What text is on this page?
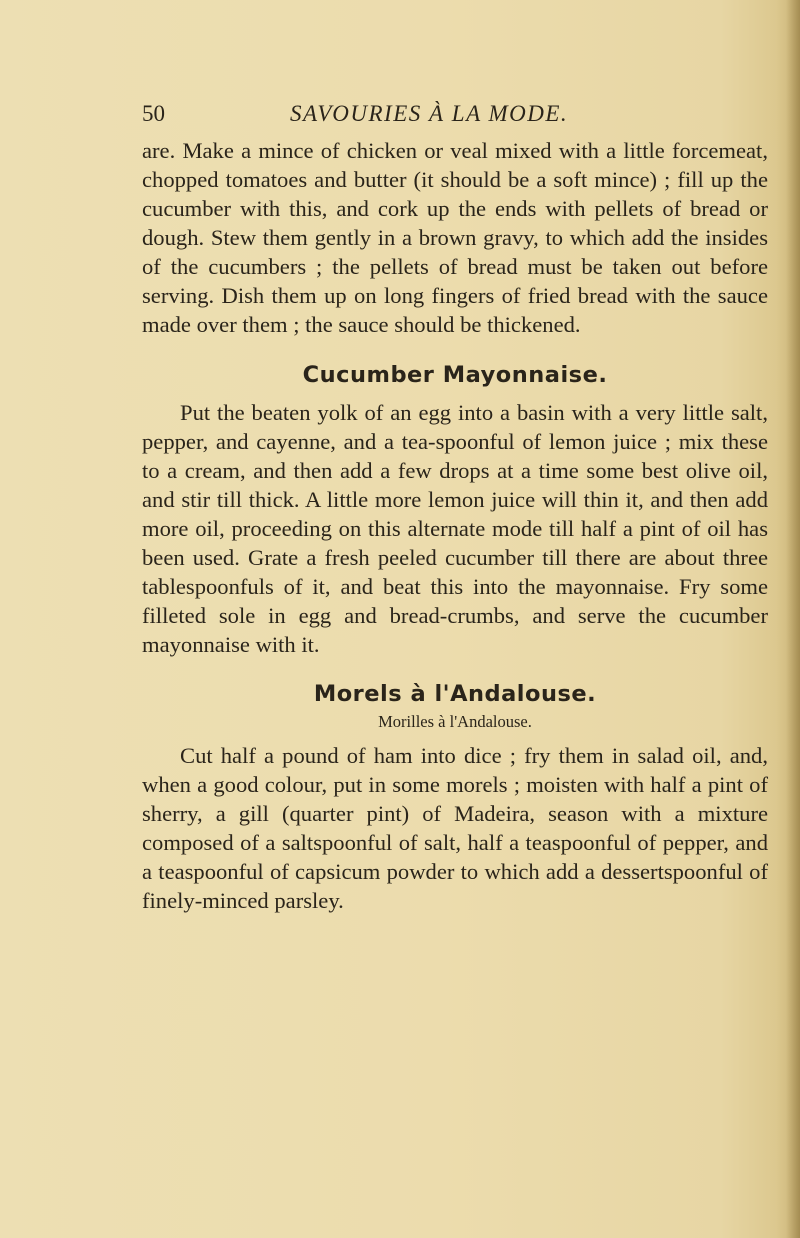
50	SAVOURIES À LA MODE.

are. Make a mince of chicken or veal mixed with a little forcemeat, chopped tomatoes and butter (it should be a soft mince) ; fill up the cucumber with this, and cork up the ends with pellets of bread or dough. Stew them gently in a brown gravy, to which add the insides of the cucumbers ; the pellets of bread must be taken out before serving. Dish them up on long fingers of fried bread with the sauce made over them ; the sauce should be thickened.

Cucumber Mayonnaise.

Put the beaten yolk of an egg into a basin with a very little salt, pepper, and cayenne, and a tea-spoonful of lemon juice ; mix these to a cream, and then add a few drops at a time some best olive oil, and stir till thick. A little more lemon juice will thin it, and then add more oil, proceeding on this alternate mode till half a pint of oil has been used. Grate a fresh peeled cucumber till there are about three tablespoonfuls of it, and beat this into the mayonnaise. Fry some filleted sole in egg and bread-crumbs, and serve the cucumber mayonnaise with it.

Morels à l'Andalouse.

Morilles à l'Andalouse.

Cut half a pound of ham into dice ; fry them in salad oil, and, when a good colour, put in some morels ; moisten with half a pint of sherry, a gill (quarter pint) of Madeira, season with a mixture composed of a saltspoonful of salt, half a teaspoonful of pepper, and a teaspoonful of capsicum powder to which add a dessertspoonful of finely-minced parsley.
